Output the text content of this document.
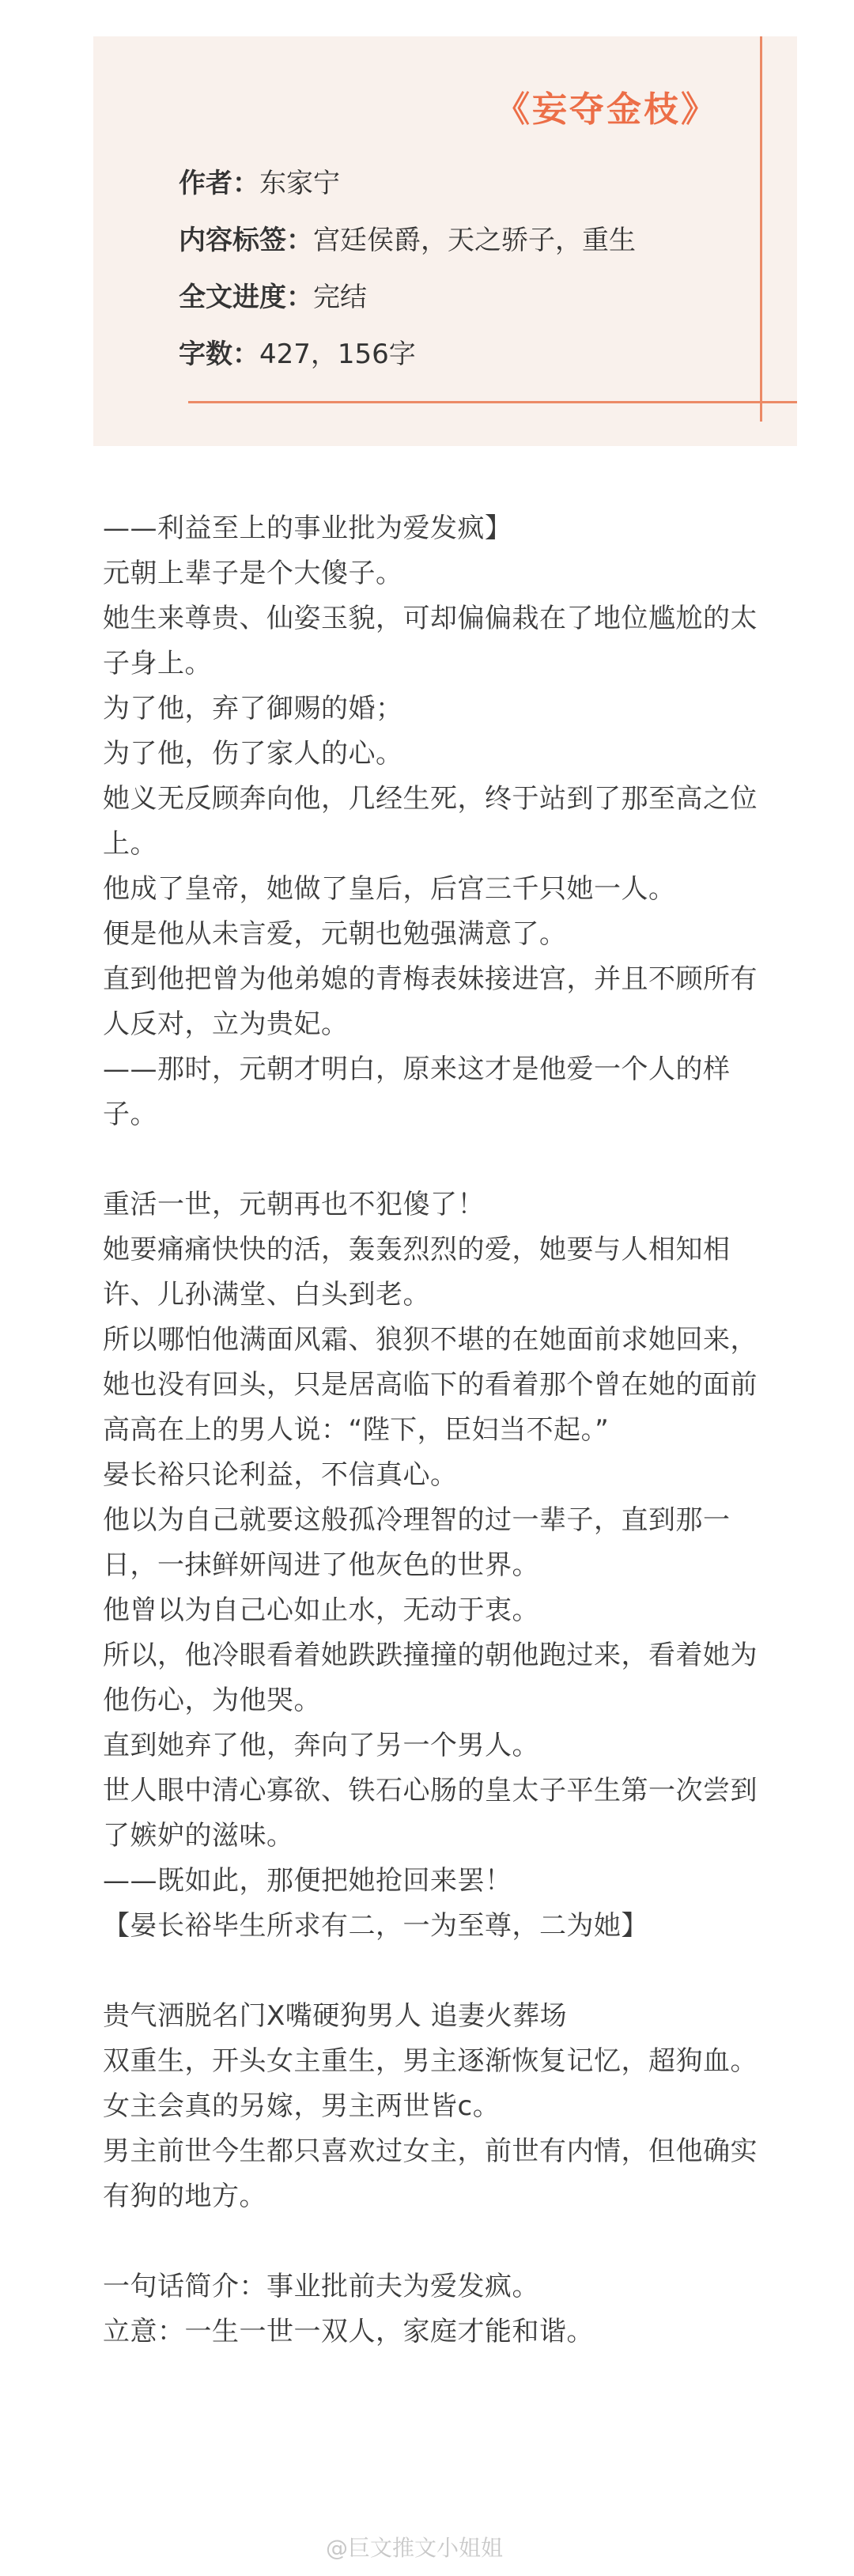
《妄夺金枝》
作者：东家宁
内容标签：宫廷侯爵，天之骄子，重生
全文进度：完结
字数：427，156字

——利益至上的事业批为爱发疯】

元朝上辈子是个大傻子。

她生来尊贵、仙姿玉貌，可却偏偏栽在了地位尴尬的太子身上。

为了他，弃了御赐的婚；

为了他，伤了家人的心。

她义无反顾奔向他，几经生死，终于站到了那至高之位上。

他成了皇帝，她做了皇后，后宫三千只她一人。

便是他从未言爱，元朝也勉强满意了。

直到他把曾为他弟媳的青梅表妹接进宫，并且不顾所有人反对，立为贵妃。

——那时，元朝才明白，原来这才是他爱一个人的样子。

重活一世，元朝再也不犯傻了！

她要痛痛快快的活，轰轰烈烈的爱，她要与人相知相许、儿孙满堂、白头到老。

所以哪怕他满面风霜、狼狈不堪的在她面前求她回来，她也没有回头，只是居高临下的看着那个曾在她的面前高高在上的男人说：“陛下，臣妇当不起。”

晏长裕只论利益，不信真心。

他以为自己就要这般孤冷理智的过一辈子，直到那一日，一抹鲜妍闯进了他灰色的世界。

他曾以为自己心如止水，无动于衷。

所以，他冷眼看着她跌跌撞撞的朝他跑过来，看着她为他伤心，为他哭。

直到她弃了他，奔向了另一个男人。

世人眼中清心寡欲、铁石心肠的皇太子平生第一次尝到了嫉妒的滋味。

——既如此，那便把她抢回来罢！

【晏长裕毕生所求有二，一为至尊，二为她】

贵气洒脱名门X嘴硬狗男人 追妻火葬场

双重生，开头女主重生，男主逐渐恢复记忆，超狗血。

女主会真的另嫁，男主两世皆c。

男主前世今生都只喜欢过女主，前世有内情，但他确实有狗的地方。

一句话简介：事业批前夫为爱发疯。

立意：一生一世一双人，家庭才能和谐。

@巨文推文小姐姐
